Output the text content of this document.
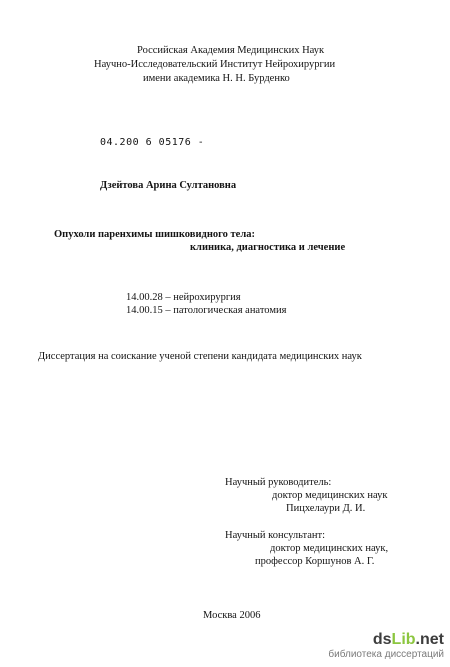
Российская Академия Медицинских Наук
Научно-Исследовательский Институт Нейрохирургии
имени академика Н. Н. Бурденко
04.200 6 05176 -
Дзейтова Арина Султановна
Опухоли паренхимы шишковидного тела:
клиника, диагностика и лечение
14.00.28 – нейрохирургия
14.00.15 – патологическая анатомия
Диссертация на соискание ученой степени кандидата медицинских наук
Научный руководитель:
доктор медицинских наук
Пицхелаури Д. И.
Научный консультант:
доктор медицинских наук,
профессор Коршунов А. Г.
Москва 2006
dsLib.net
библиотека диссертаций
